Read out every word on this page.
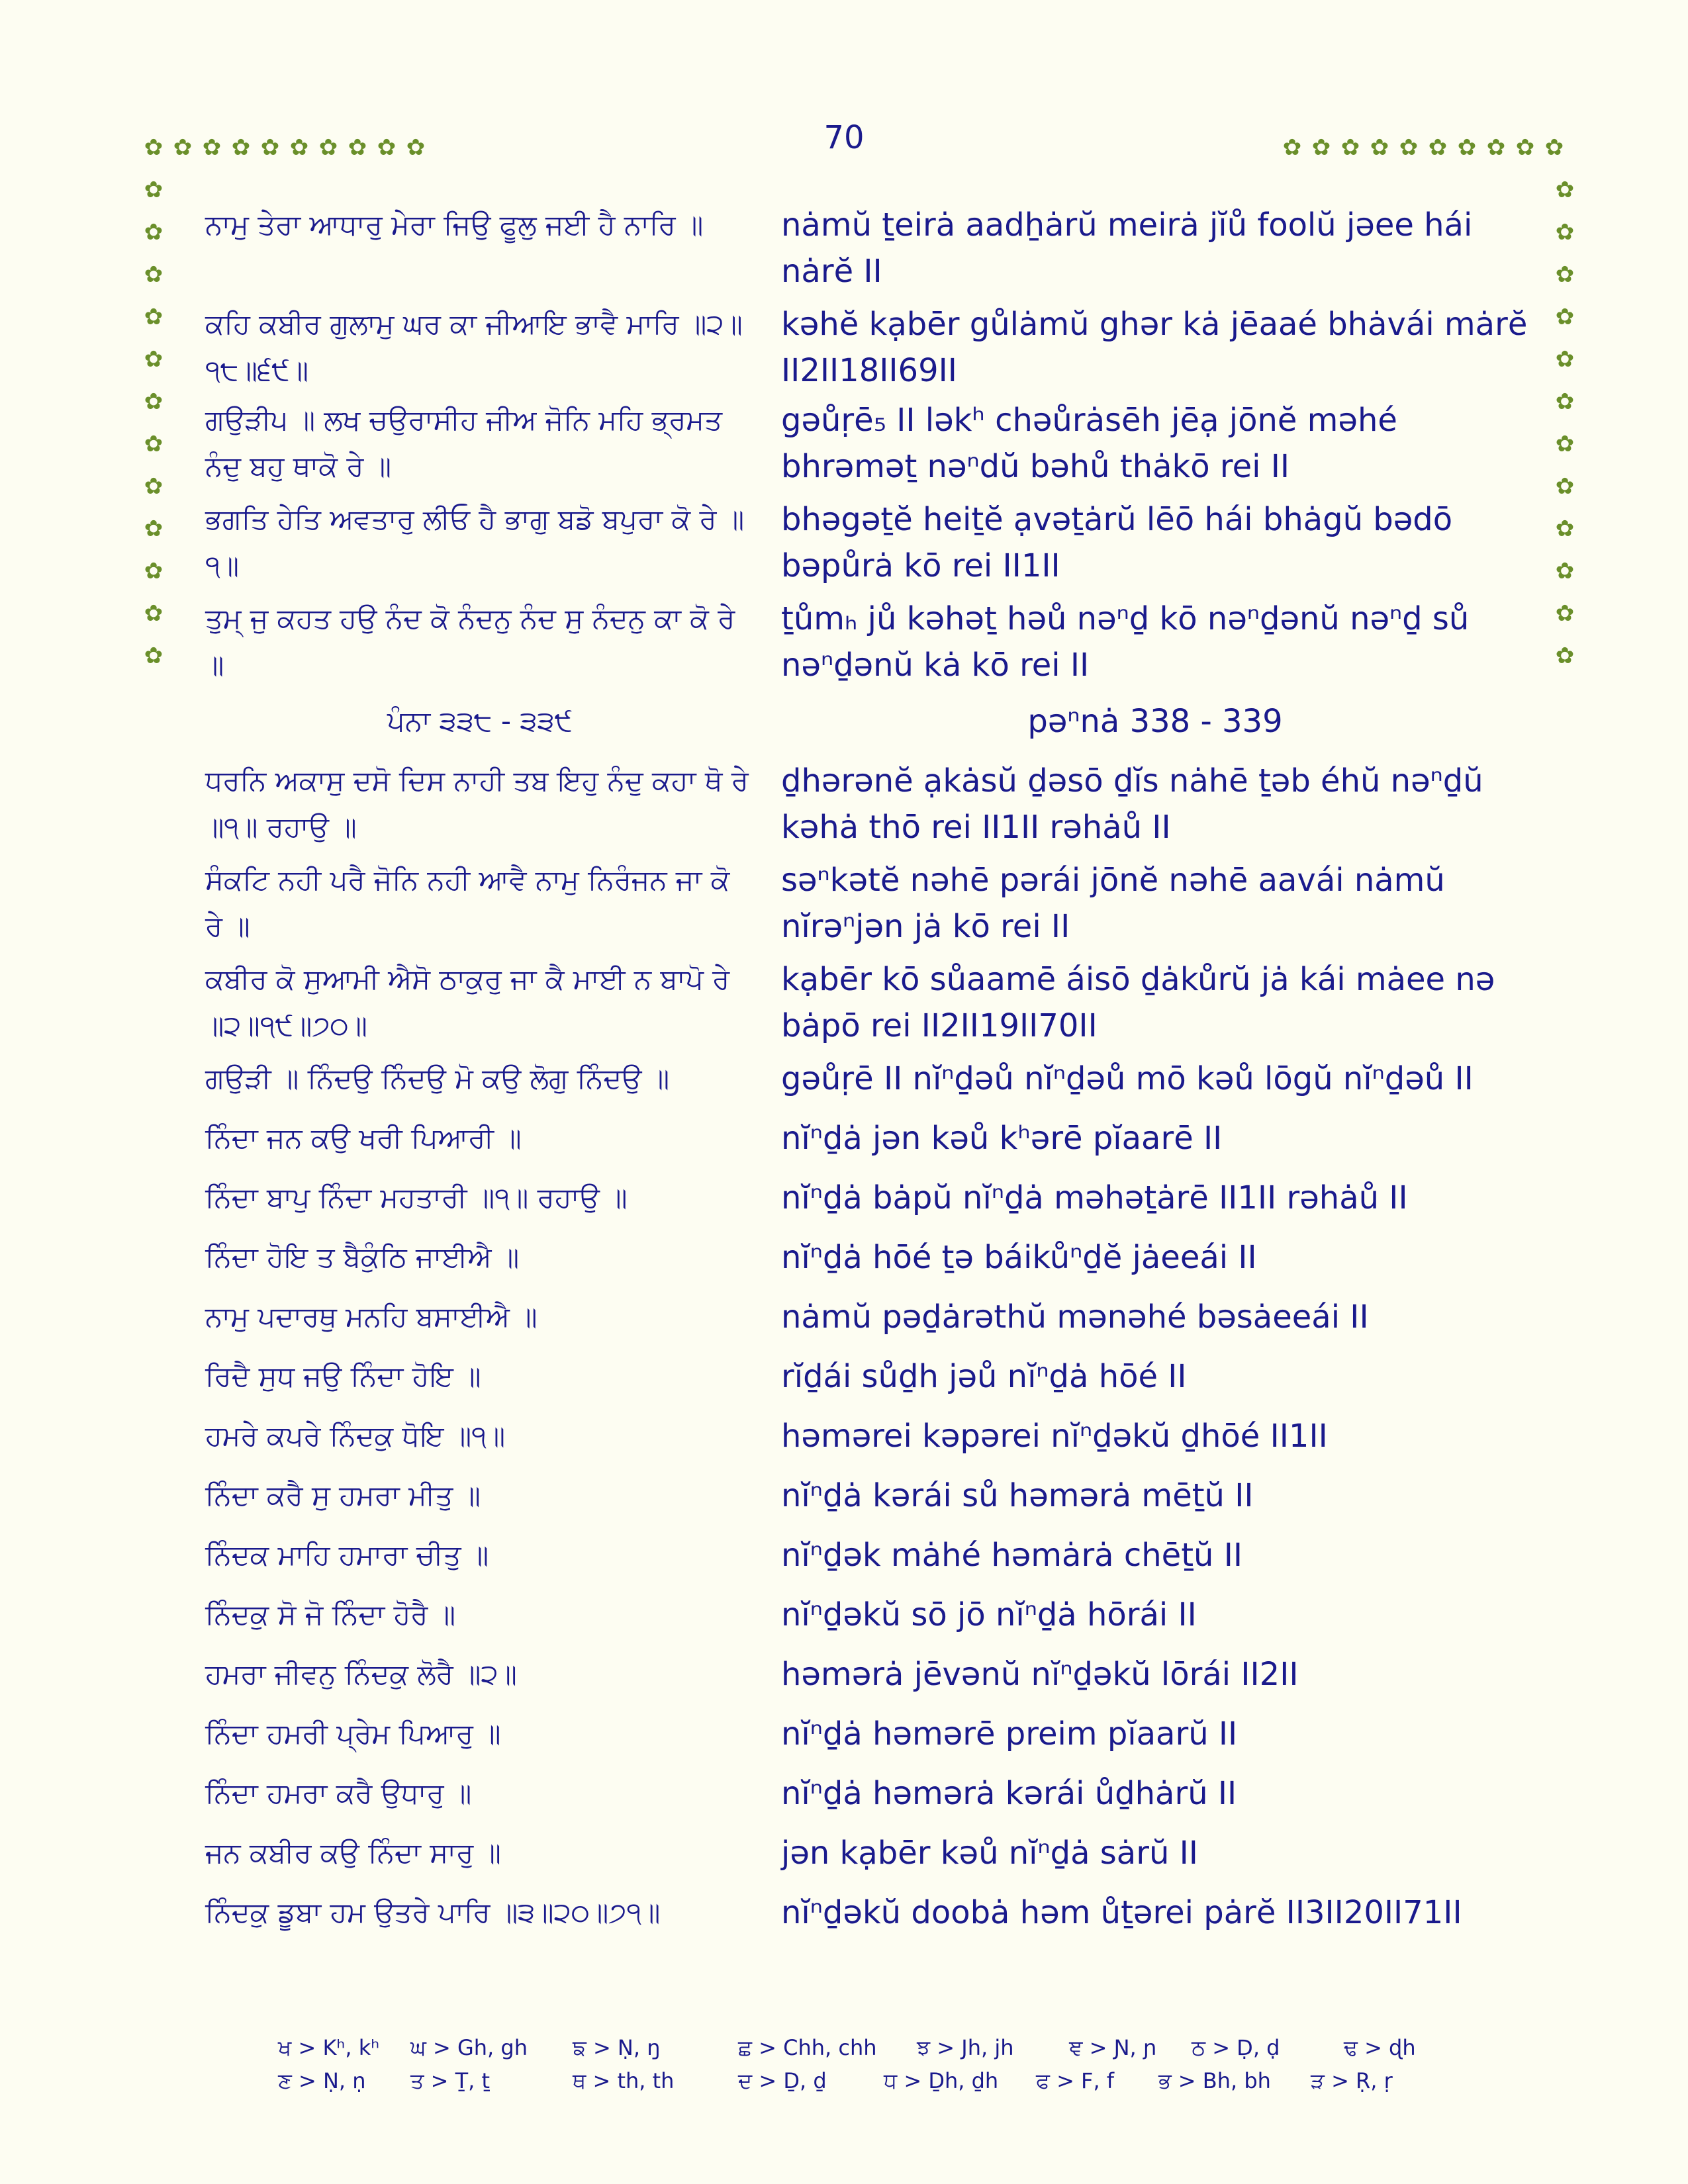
70
✿ ✿ ✿ ✿ ✿ ✿ ✿ ✿ ✿ ✿	✿ ✿ ✿ ✿ ✿ ✿ ✿ ✿ ✿ ✿
✿
✿
✿
✿
✿
✿
✿
✿
✿
✿
✿
✿
✿
✿
✿
✿
✿
✿
✿
✿
✿
✿
✿
✿
ਨਾਮੁ ਤੇਰਾ ਆਧਾਰੁ ਮੇਰਾ ਜਿਉ ਫੂਲੁ ਜਈ ਹੈ ਨਾਰਿ ॥	nȧmŭ ṯeirȧ aadẖȧrŭ meirȧ jĭů foolŭ jəee hái nȧrĕ II
ਕਹਿ ਕਬੀਰ ਗੁਲਾਮੁ ਘਰ ਕਾ ਜੀਆਇ ਭਾਵੈ ਮਾਰਿ ॥੨॥੧੮॥੬੯॥
kəhĕ kạbēr gůlȧmŭ ghər kȧ jēaaé bhȧvái mȧrĕ II2II18II69II
ਗਉੜੀ੫ ॥ ਲਖ ਚਉਰਾਸੀਹ ਜੀਅ ਜੋਨਿ ਮਹਿ ਭ੍ਰਮਤ ਨੰਦੁ ਬਹੁ ਥਾਕੋ ਰੇ ॥
gəůṛē₅ II ləkʰ chəůrȧsēh jēạ jōnĕ məhé bhrəməṯ nəⁿdŭ bəhů thȧkō rei II
ਭਗਤਿ ਹੇਤਿ ਅਵਤਾਰੁ ਲੀਓ ਹੈ ਭਾਗੁ ਬਡੋ ਬਪੁਰਾ ਕੋ ਰੇ ॥੧॥
bhəgəṯĕ heiṯĕ ạvəṯȧrŭ lēō hái bhȧgŭ bədō bəpůrȧ kō rei II1II
ਤੁਮ੍ ਜੁ ਕਹਤ ਹਉ ਨੰਦ ਕੋ ਨੰਦਨੁ ਨੰਦ ਸੁ ਨੰਦਨੁ ਕਾ ਕੋ ਰੇ ॥
ṯůmₕ jů kəhəṯ həů nəⁿḏ kō nəⁿḏənŭ nəⁿḏ sů nəⁿḏənŭ kȧ kō rei II
ਪੰਨਾ ੩੩੮ - ੩੩੯	pəⁿnȧ 338 - 339
ਧਰਨਿ ਅਕਾਸੁ ਦਸੋ ਦਿਸ ਨਾਹੀ ਤਬ ਇਹੁ ਨੰਦੁ ਕਹਾ ਥੋ ਰੇ ॥੧॥ ਰਹਾਉ ॥
ḏhərənĕ ạkȧsŭ ḏəsō ḏĭs nȧhē ṯəb éhŭ nəⁿḏŭ kəhȧ thō rei II1II rəhȧů II
ਸੰਕਟਿ ਨਹੀ ਪਰੈ ਜੋਨਿ ਨਹੀ ਆਵੈ ਨਾਮੁ ਨਿਰੰਜਨ ਜਾ ਕੋ ਰੇ ॥
səⁿkətĕ nəhē pərái jōnĕ nəhē aavái nȧmŭ nĭrəⁿjən jȧ kō rei II
ਕਬੀਰ ਕੋ ਸੁਆਮੀ ਐਸੋ ਠਾਕੁਰੁ ਜਾ ਕੈ ਮਾਈ ਨ ਬਾਪੋ ਰੇ ॥੨॥੧੯॥੭੦॥
kạbēr kō sůaamē áisō ḏȧkůrŭ jȧ kái mȧee nə bȧpō rei II2II19II70II
ਗਉੜੀ ॥ ਨਿੰਦਉ ਨਿੰਦਉ ਮੋ ਕਉ ਲੋਗੁ ਨਿੰਦਉ ॥	gəůṛē II nĭⁿḏəů nĭⁿḏəů mō kəů lōgŭ nĭⁿḏəů II
ਨਿੰਦਾ ਜਨ ਕਉ ਖਰੀ ਪਿਆਰੀ ॥	nĭⁿḏȧ jən kəů kʰərē pĭaarē II
ਨਿੰਦਾ ਬਾਪੁ ਨਿੰਦਾ ਮਹਤਾਰੀ ॥੧॥ ਰਹਾਉ ॥	nĭⁿḏȧ bȧpŭ nĭⁿḏȧ məhəṯȧrē II1II rəhȧů II
ਨਿੰਦਾ ਹੋਇ ਤ ਬੈਕੁੰਠਿ ਜਾਈਐ ॥	nĭⁿḏȧ hōé ṯə báikůⁿḏĕ jȧeeái II
ਨਾਮੁ ਪਦਾਰਥੁ ਮਨਹਿ ਬਸਾਈਐ ॥	nȧmŭ pəḏȧrəthŭ mənəhé bəsȧeeái II
ਰਿਦੈ ਸੁਧ ਜਉ ਨਿੰਦਾ ਹੋਇ ॥	rĭḏái sůḏh jəů nĭⁿḏȧ hōé II
ਹਮਰੇ ਕਪਰੇ ਨਿੰਦਕੁ ਧੋਇ ॥੧॥	həmərei kəpərei nĭⁿḏəkŭ ḏhōé II1II
ਨਿੰਦਾ ਕਰੈ ਸੁ ਹਮਰਾ ਮੀਤੁ ॥	nĭⁿḏȧ kərái sů həmərȧ mēṯŭ II
ਨਿੰਦਕ ਮਾਹਿ ਹਮਾਰਾ ਚੀਤੁ ॥	nĭⁿḏək mȧhé həmȧrȧ chēṯŭ II
ਨਿੰਦਕੁ ਸੋ ਜੋ ਨਿੰਦਾ ਹੋਰੈ ॥	nĭⁿḏəkŭ sō jō nĭⁿḏȧ hōrái II
ਹਮਰਾ ਜੀਵਨੁ ਨਿੰਦਕੁ ਲੋਰੈ ॥੨॥	həmərȧ jēvənŭ nĭⁿḏəkŭ lōrái II2II
ਨਿੰਦਾ ਹਮਰੀ ਪ੍ਰੇਮ ਪਿਆਰੁ ॥	nĭⁿḏȧ həmərē prei̇m pĭaarŭ II
ਨਿੰਦਾ ਹਮਰਾ ਕਰੈ ਉਧਾਰੁ ॥	nĭⁿḏȧ həmərȧ kərái ůḏhȧrŭ II
ਜਨ ਕਬੀਰ ਕਉ ਨਿੰਦਾ ਸਾਰੁ ॥	jən kạbēr kəů nĭⁿḏȧ sȧrŭ II
ਨਿੰਦਕੁ ਡੂਬਾ ਹਮ ਉਤਰੇ ਪਾਰਿ ॥੩॥੨੦॥੭੧॥	nĭⁿḏəkŭ doobȧ həm ůṯərei pȧrĕ II3II20II71II
ਖ > Kʰ, kʰ ਘ > Gh, gh ਙ > Ṇ, ŋ	ਛ > Chh, chh ਝ > Jh, jh	ਞ > Ɲ, ɲ ਠ > Ḍ, ḍ	ਢ > ɖh
ਣ > Ṇ, ṇ ਤ > Ṯ, ṯ	ਥ > th, th	ਦ > Ḏ, ḏ	ਧ > Ḏh, ḏh ਫ > F, f ਭ > Bh, bh ੜ > Ṛ, ṛ
